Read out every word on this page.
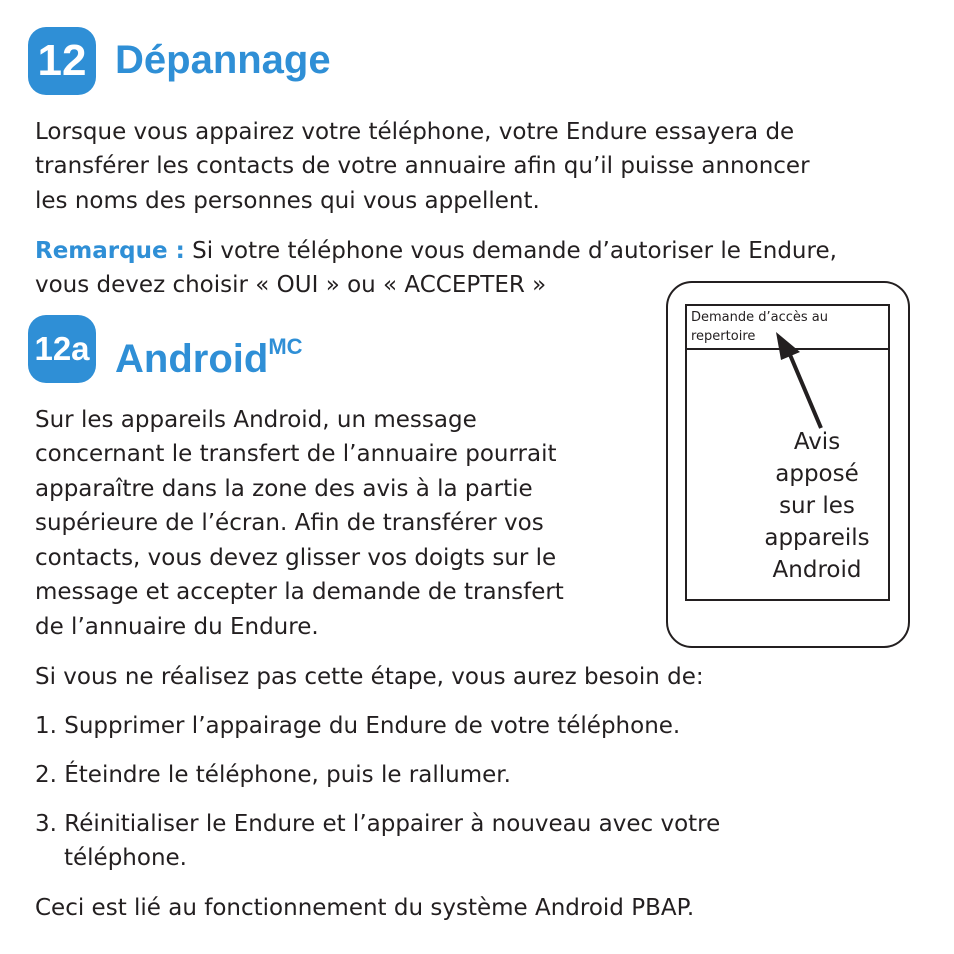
12 Dépannage
Lorsque vous appairez votre téléphone, votre Endure essayera de
transférer les contacts de votre annuaire afin qu’il puisse annoncer
les noms des personnes qui vous appellent.
Remarque : Si votre téléphone vous demande d’autoriser le Endure,
vous devez choisir « OUI » ou « ACCEPTER »
12a Android$^{MC}$
Sur les appareils Android, un message
concernant le transfert de l’annuaire pourrait
apparaître dans la zone des avis à la partie
supérieure de l’écran. Afin de transférer vos
contacts, vous devez glisser vos doigts sur le
message et accepter la demande de transfert
de l’annuaire du Endure.
Si vous ne réalisez pas cette étape, vous aurez besoin de:
1. Supprimer l’appairage du Endure de votre téléphone.
2. Éteindre le téléphone, puis le rallumer.
3. Réinitialiser le Endure et l’appairer à nouveau avec votre
téléphone.
Ceci est lié au fonctionnement du système Android PBAP.
Demande d’accès au
repertoire
Avis
apposé
sur les
appareils
Android
